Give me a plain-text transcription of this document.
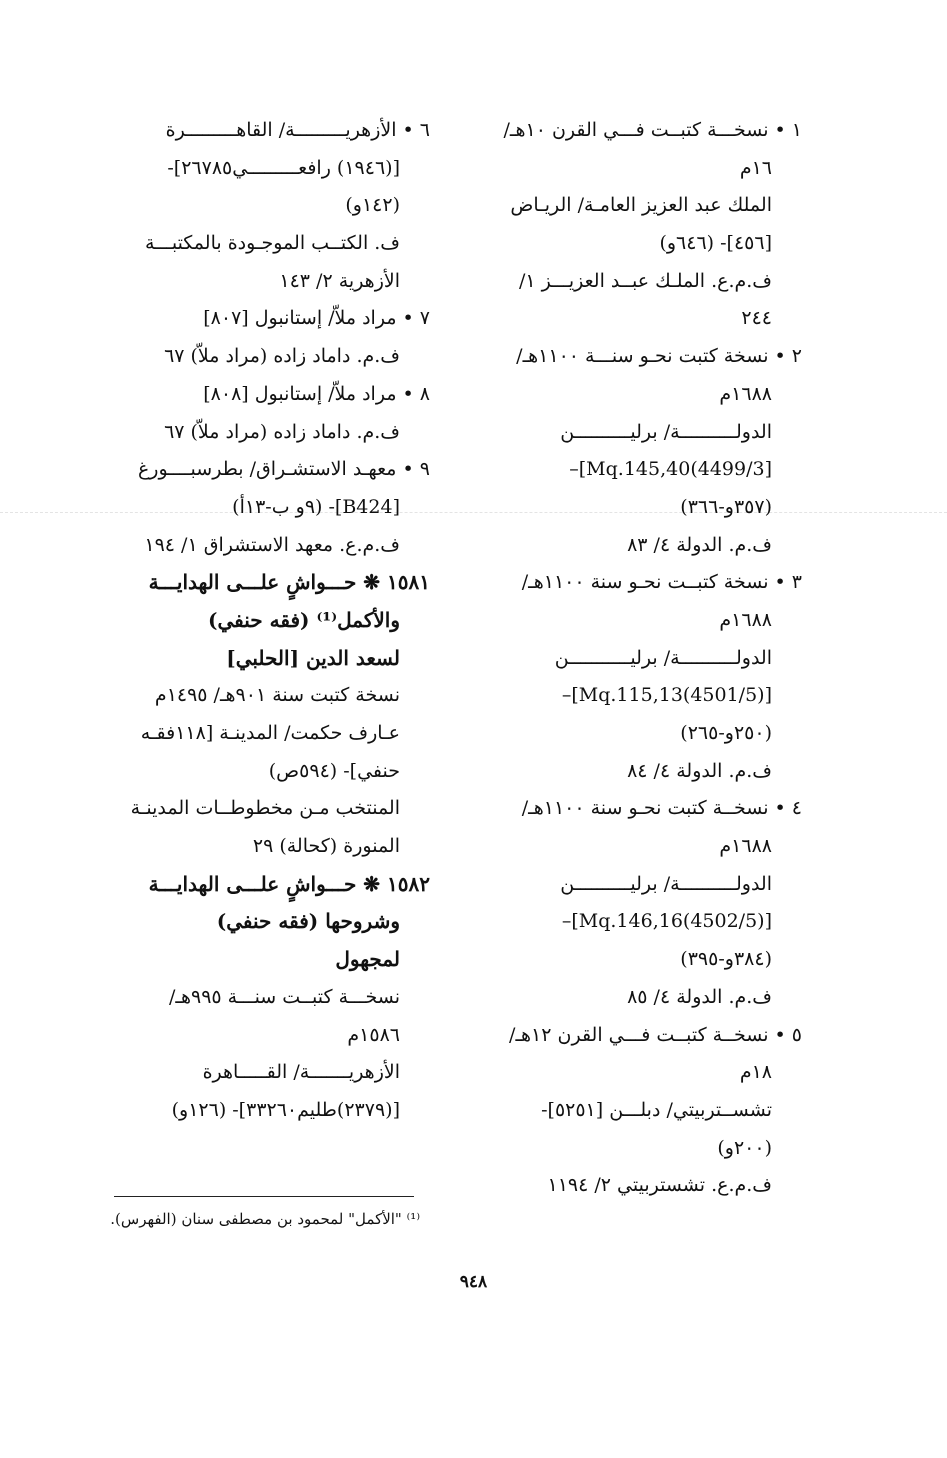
١ • نسخـــة كتبــت فـــي القرن ١٠هـ/
١٦م
الملك عبد العزيز العامـة/ الريـاض
[٤٥٦]- (٦٤٦و)
ف.م.ع. الملـك عبــد العزيـــز ١/
٢٤٤
٢ • نسخة كتبت نحـو سنـــة ١١٠٠هـ/
١٦٨٨م
الدولــــــــــة/ برليــــــــــن
[4499/3)Mq.145,40]–
(٣٥٧و-٣٦٦)
ف.م. الدولة ٤/ ٨٣
٣ • نسخة كتبــت نحـو سنة ١١٠٠هـ/
١٦٨٨م
الدولــــــــــة/ برليـــــــــــن
[(4501/5)Mq.115,13]–
(٢٥٠و-٢٦٥)
ف.م. الدولة ٤/ ٨٤
٤ • نسخــة كتبت نحـو سنة ١١٠٠هـ/
١٦٨٨م
الدولــــــــــة/ برليــــــــــن
[(4502/5)Mq.146,16]–
(٣٨٤و-٣٩٥)
ف.م. الدولة ٤/ ٨٥
٥ • نسخــة كتبــت فـــي القرن ١٢هـ/
١٨م
تشســتربيتي/ دبلـــن [٥٢٥١]-
(٢٠٠و)
ف.م.ع. تشستربيتي ٢/ ١١٩٤
٦ • الأزهريـــــــــة/ القاهـــــــــرة
[(١٩٤٦) رافعـــــــــي٢٦٧٨٥]-
(١٤٢و)
ف. الكتــب الموجـودة بالمكتبـــة
الأزهرية ٢/ ١٤٣
٧ • مراد ملاّ/ إستانبول [٨٠٧]
ف.م. داماد زاده (مراد ملاّ) ٦٧
٨ • مراد ملاّ/ إستانبول [٨٠٨]
ف.م. داماد زاده (مراد ملاّ) ٦٧
٩ • معهـد الاستشـراق/ بطرسبــــورغ
[B424]- (٩و ب-١٣أ)
ف.م.ع. معهد الاستشراق ١/ ١٩٤
١٥٨١ ❋ حـــواشٍ علـــى الهدايـــة
والأكمل⁽¹⁾ (فقه حنفي)
لسعد الدين [الحلبي]
نسخة كتبت سنة ٩٠١هـ/ ١٤٩٥م
عـارف حكمت/ المدينـة [١١٨فقـه
حنفي]- (٥٩٤ص)
المنتخب مـن مخطوطــات المدينـة
المنورة (كحالة) ٢٩
١٥٨٢ ❋ حـــواشٍ علـــى الهدايـــة
وشروحها (فقه حنفي)
لمجهول
نسخـــة كتبــت سنـــة ٩٩٥هـ/
١٥٨٦م
الأزهريـــــــة/ القـــــاهرة
[(٢٣٧٩)طليم٣٣٢٦٠]- (١٢٦و)
⁽¹⁾ "الأكمل" لمحمود بن مصطفى سنان (الفهرس).
٩٤٨
